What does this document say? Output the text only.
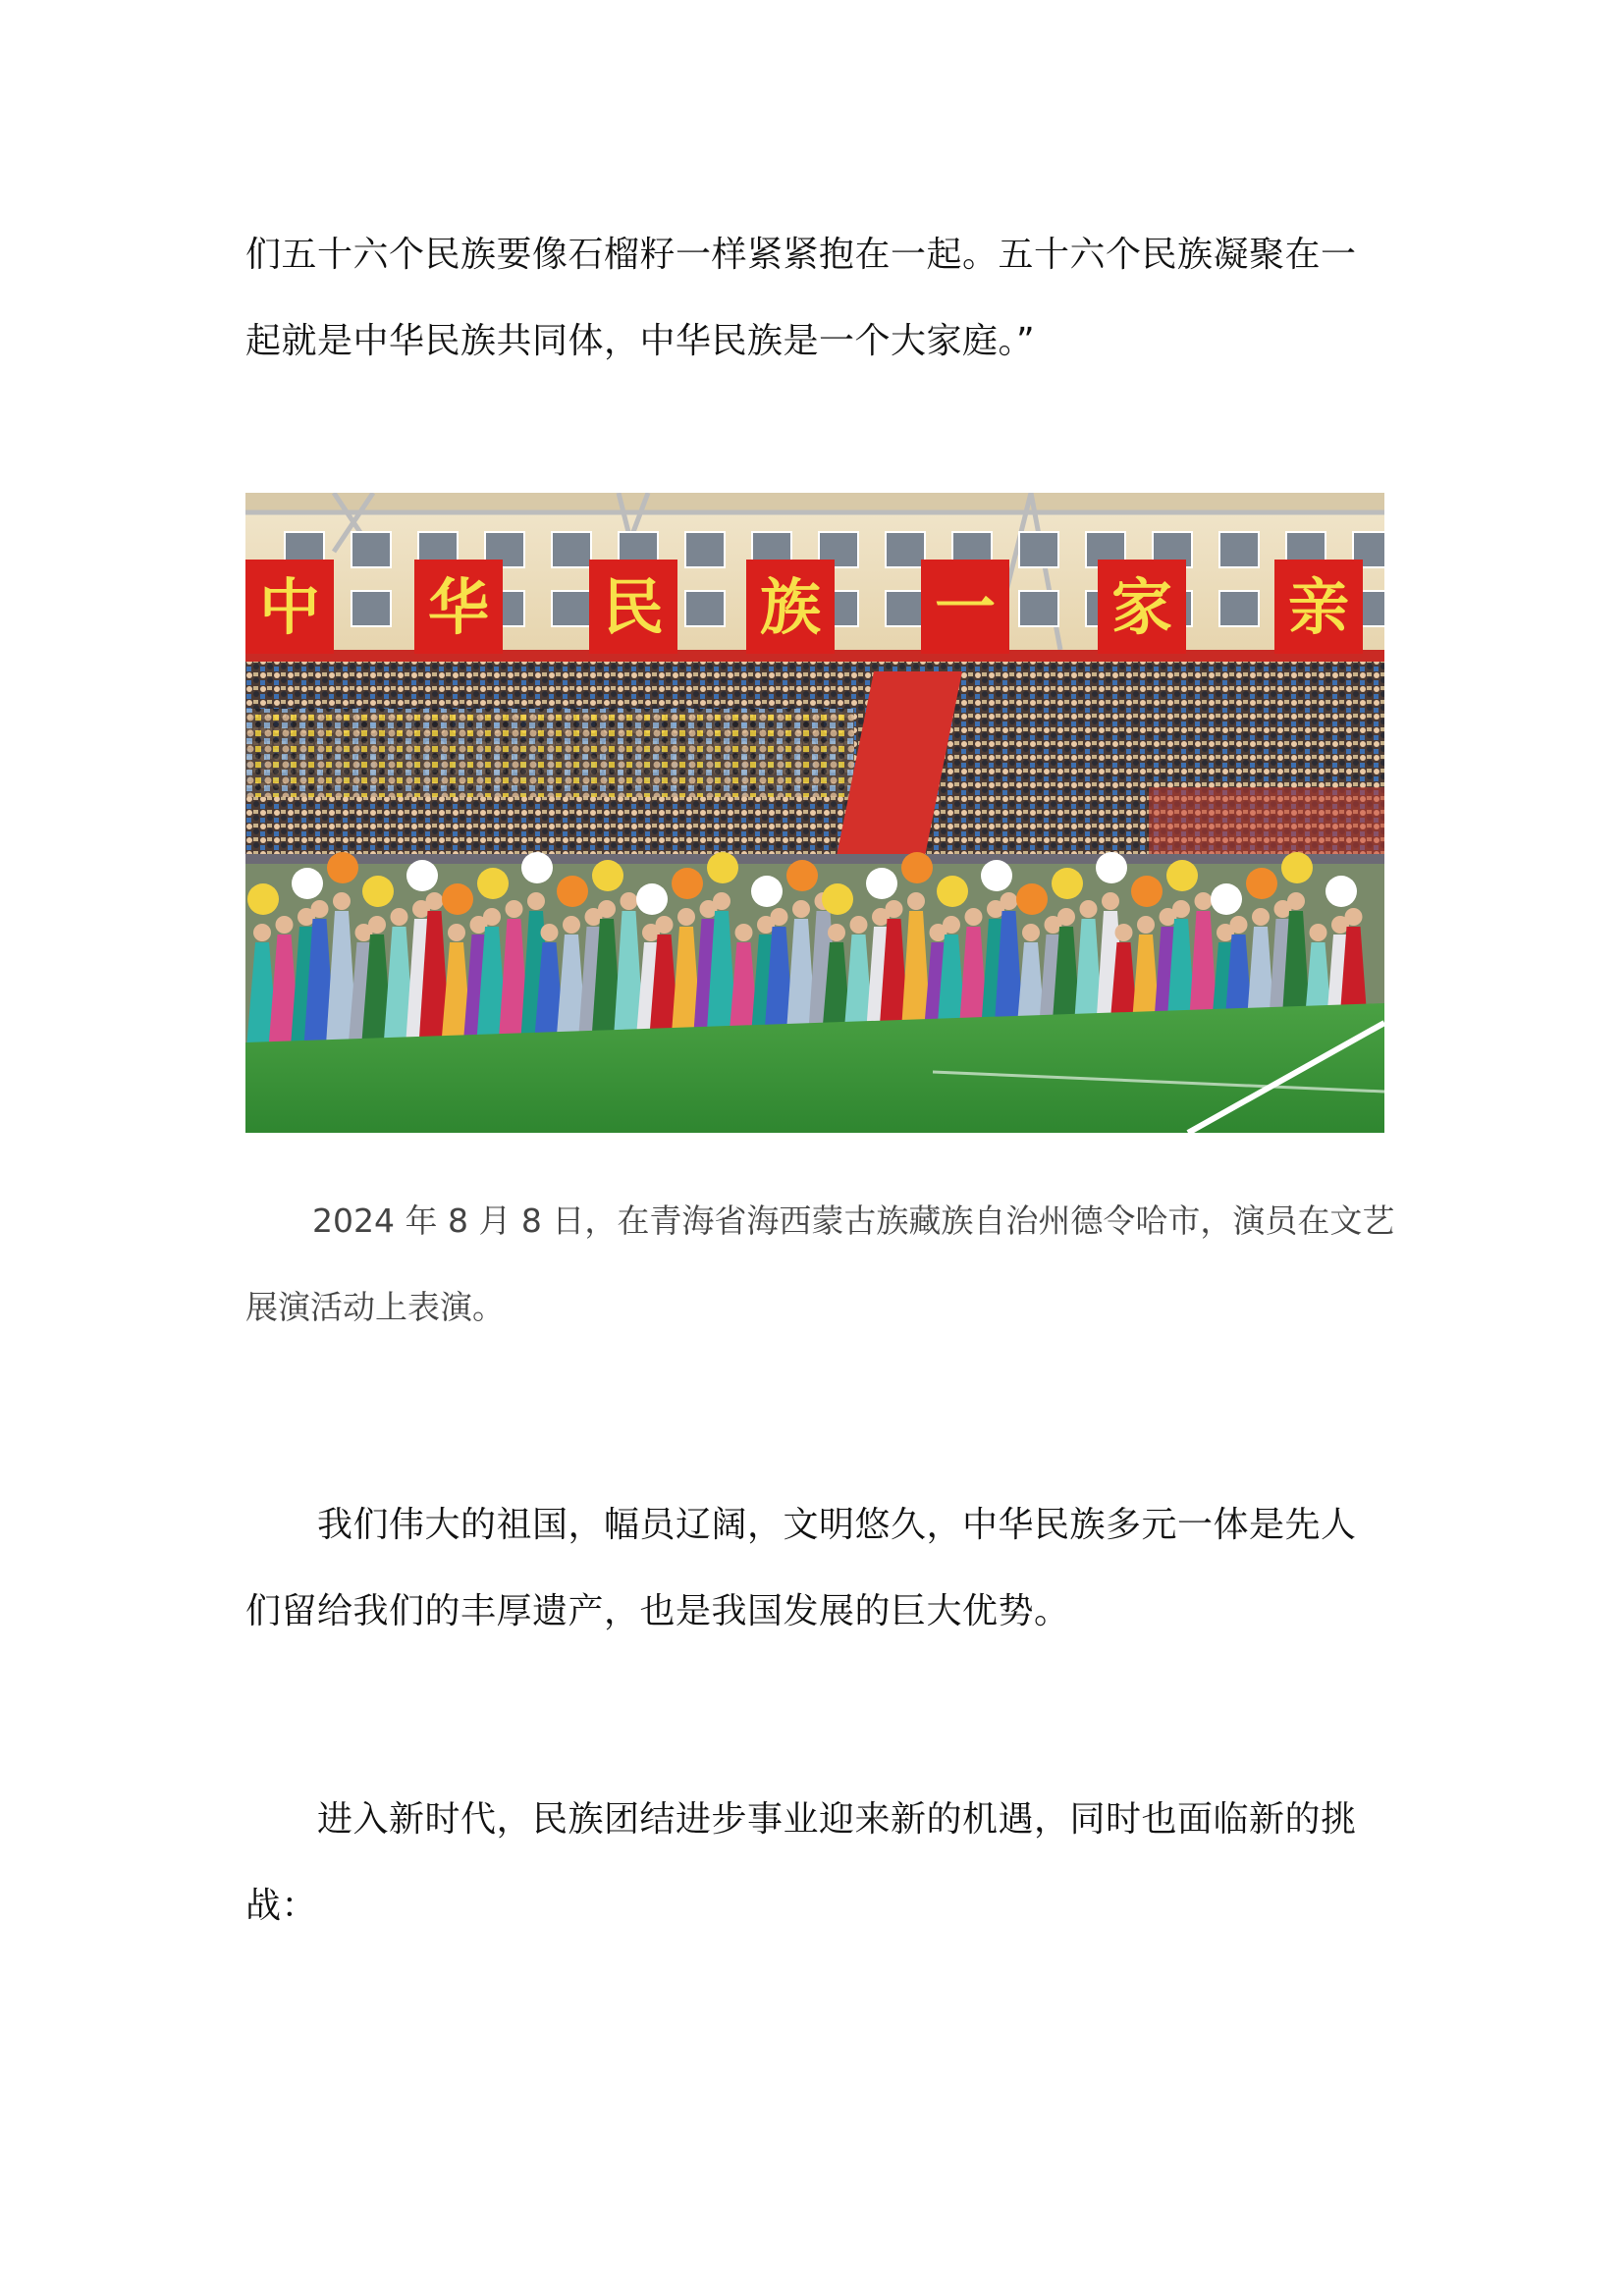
们五十六个民族要像石榴籽一样紧紧抱在一起。五十六个民族凝聚在一
起就是中华民族共同体，中华民族是一个大家庭。”

中 华 民 族 一 家 亲

2024 年 8 月 8 日，在青海省海西蒙古族藏族自治州德令哈市，演员在文艺
展演活动上表演。

　　我们伟大的祖国，幅员辽阔，文明悠久，中华民族多元一体是先人
们留给我们的丰厚遗产，也是我国发展的巨大优势。

　　进入新时代，民族团结进步事业迎来新的机遇，同时也面临新的挑
战：
